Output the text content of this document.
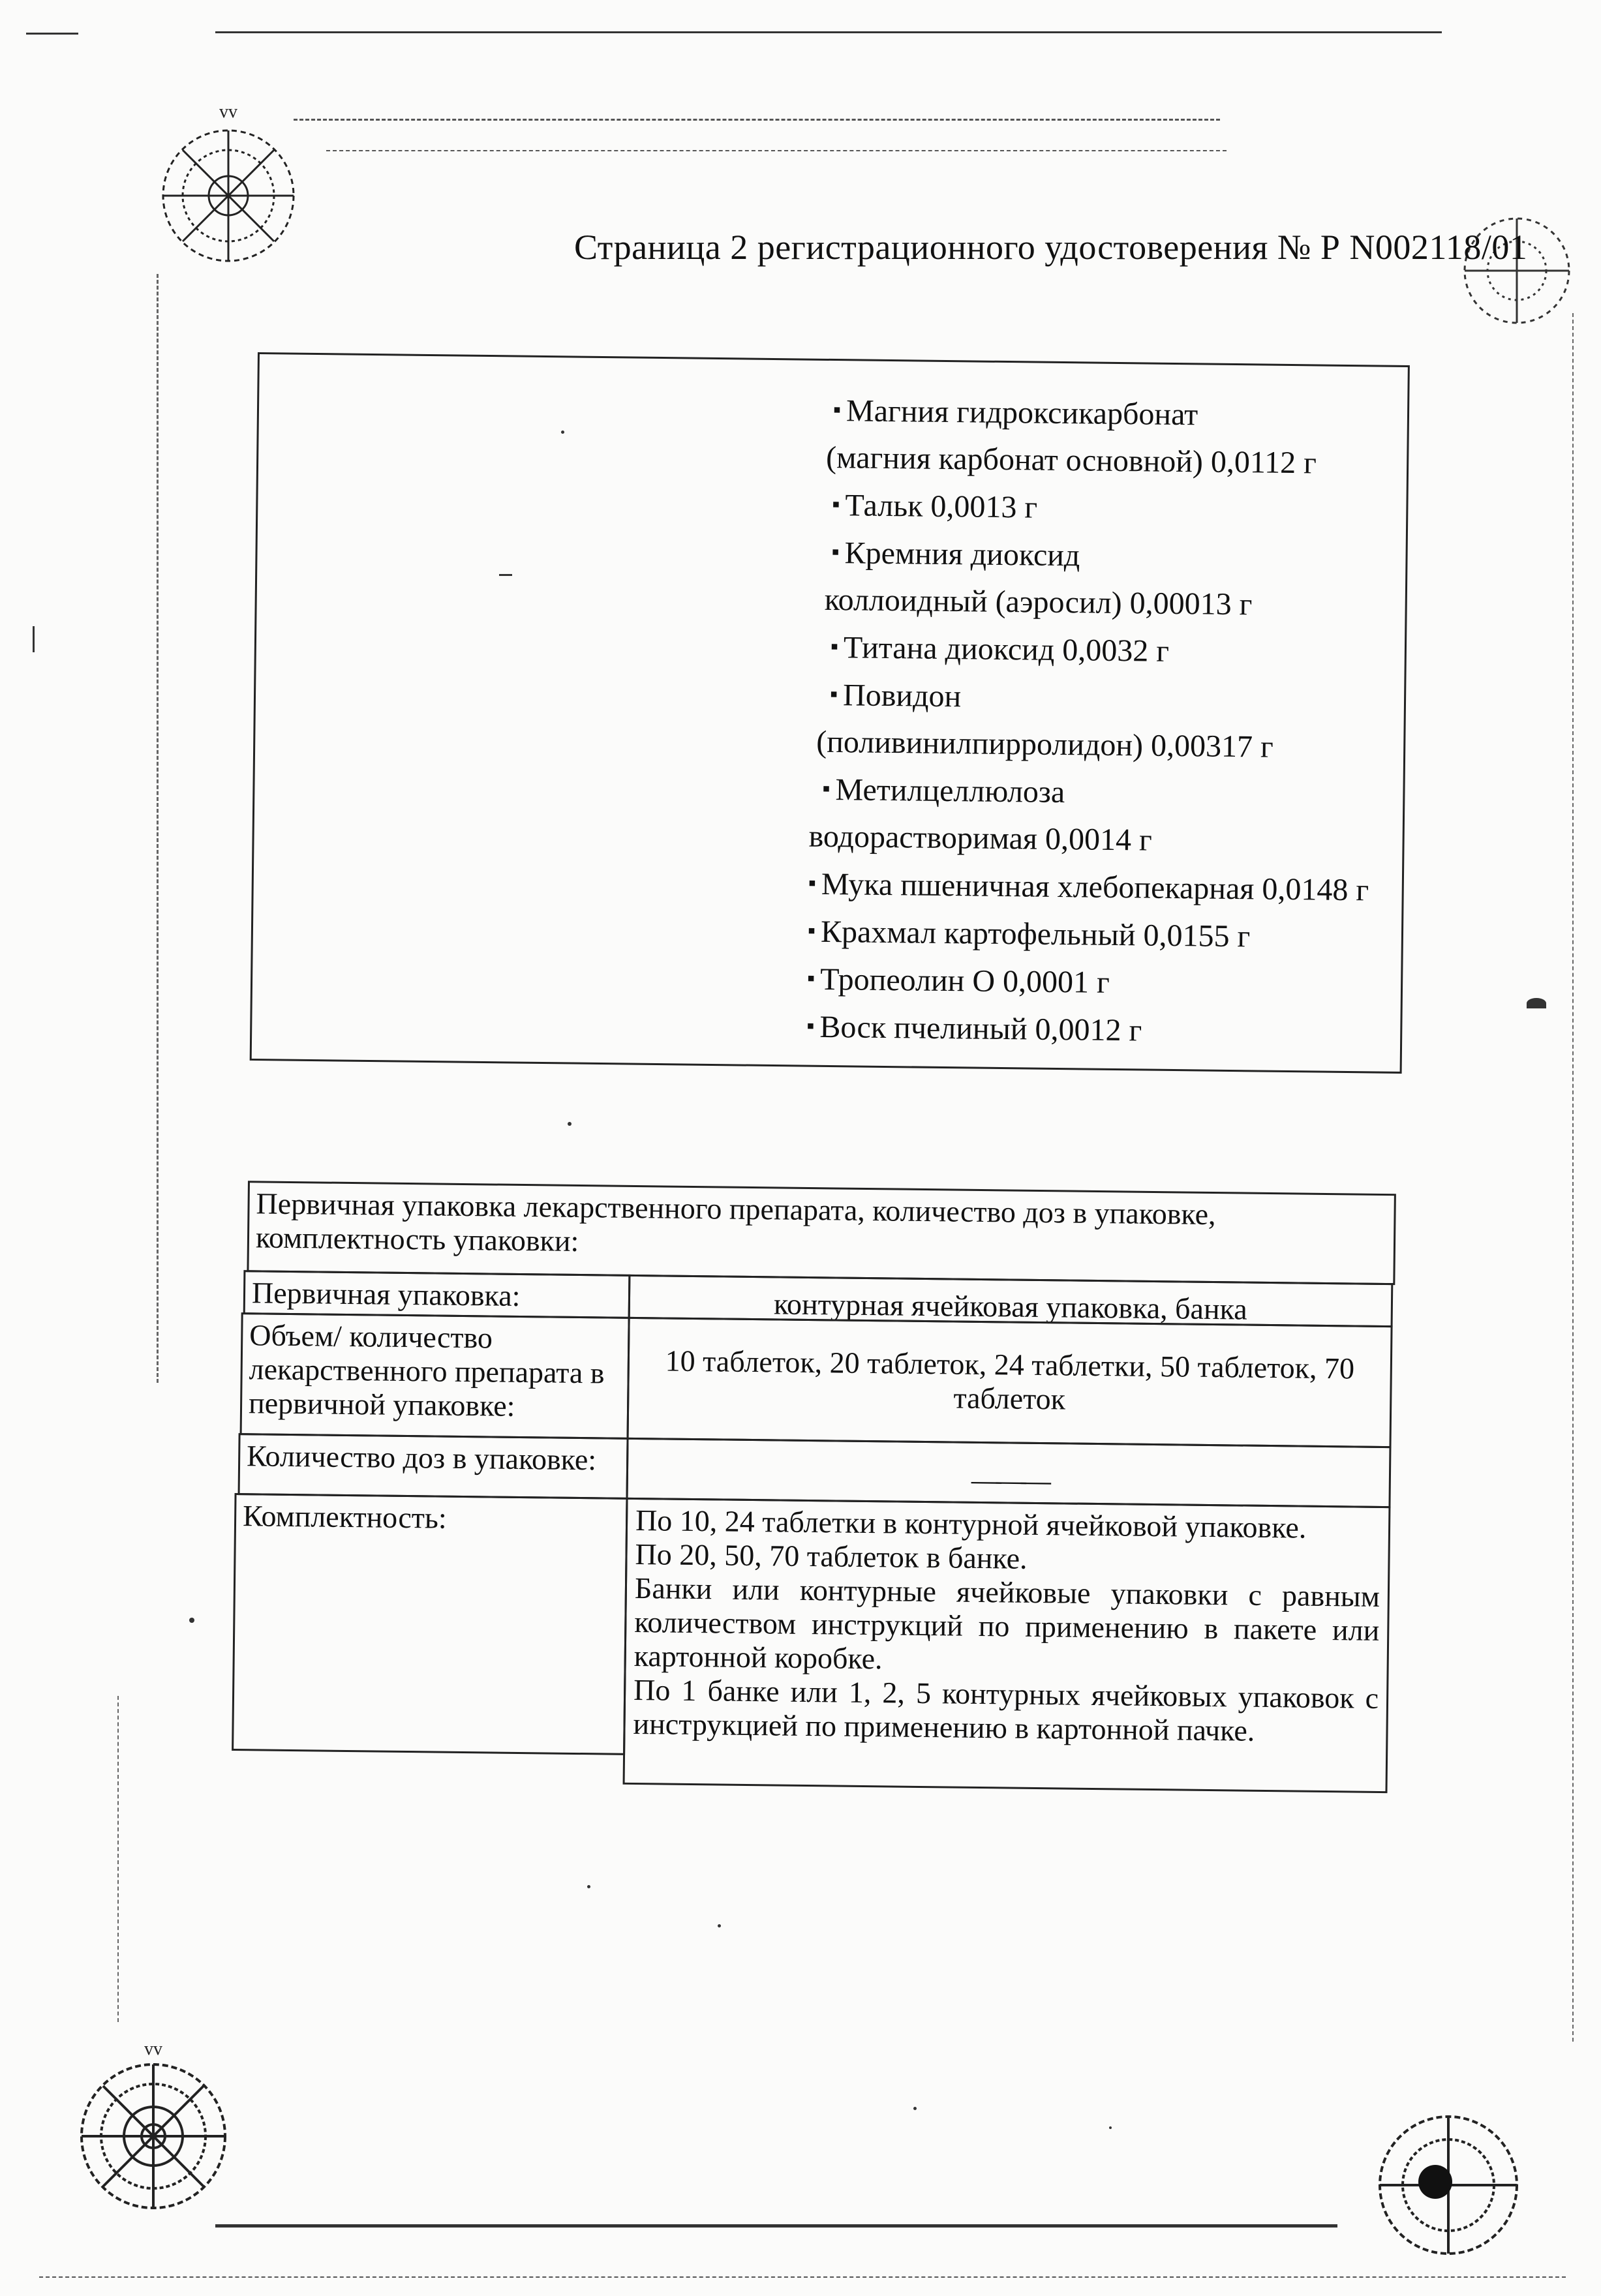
vv
vv
Страница 2 регистрационного удостоверения № Р N002118/01
▪ Магния гидроксикарбонат
(магния карбонат основной) 0,0112 г
▪ Тальк 0,0013 г
▪ Кремния диоксид
коллоидный (аэросил) 0,00013 г
▪ Титана диоксид 0,0032 г
▪ Повидон
(поливинилпирролидон) 0,00317 г
▪ Метилцеллюлоза
водорастворимая 0,0014 г
▪ Мука пшеничная хлебопекарная 0,0148 г
▪ Крахмал картофельный 0,0155 г
▪ Тропеолин О 0,0001 г
▪ Воск пчелиный 0,0012 г
Первичная упаковка лекарственного препарата, количество доз в упаковке, комплектность упаковки:
Первичная упаковка:	контурная ячейковая упаковка, банка
Объем/ количество лекарственного препарата в первичной упаковке:
10 таблеток, 20 таблеток, 24 таблетки, 50 таблеток, 70 таблеток
Количество доз в упаковке:
———
Комплектность:	По 10, 24 таблетки в контурной ячейковой упаковке.
По 20, 50, 70 таблеток в банке.
Банки или контурные ячейковые упаковки с равным количеством инструкций по применению в пакете или картонной коробке.
По 1 банке или 1, 2, 5 контурных ячейковых упаковок с инструкцией по применению в картонной пачке.
